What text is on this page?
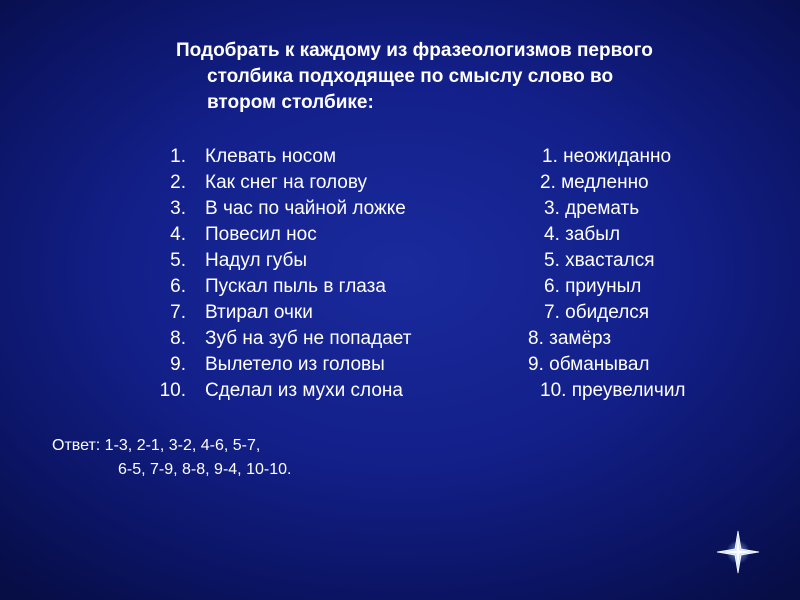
Подобрать к каждому из фразеологизмов первого
столбика подходящее по смыслу слово во
втором столбике:
1. Клевать носом	1. неожиданно
2. Как снег на голову	2. медленно
3. В час по чайной ложке	3. дремать
4. Повесил нос	4. забыл
5. Надул губы	5. хвастался
6. Пускал пыль в глаза	6. приуныл
7. Втирал очки	7. обиделся
8. Зуб на зуб не попадает	8. замёрз
9. Вылетело из головы	9. обманывал
10. Сделал из мухи слона	10. преувеличил
Ответ: 1-3, 2-1, 3-2, 4-6, 5-7,
6-5, 7-9, 8-8, 9-4, 10-10.
